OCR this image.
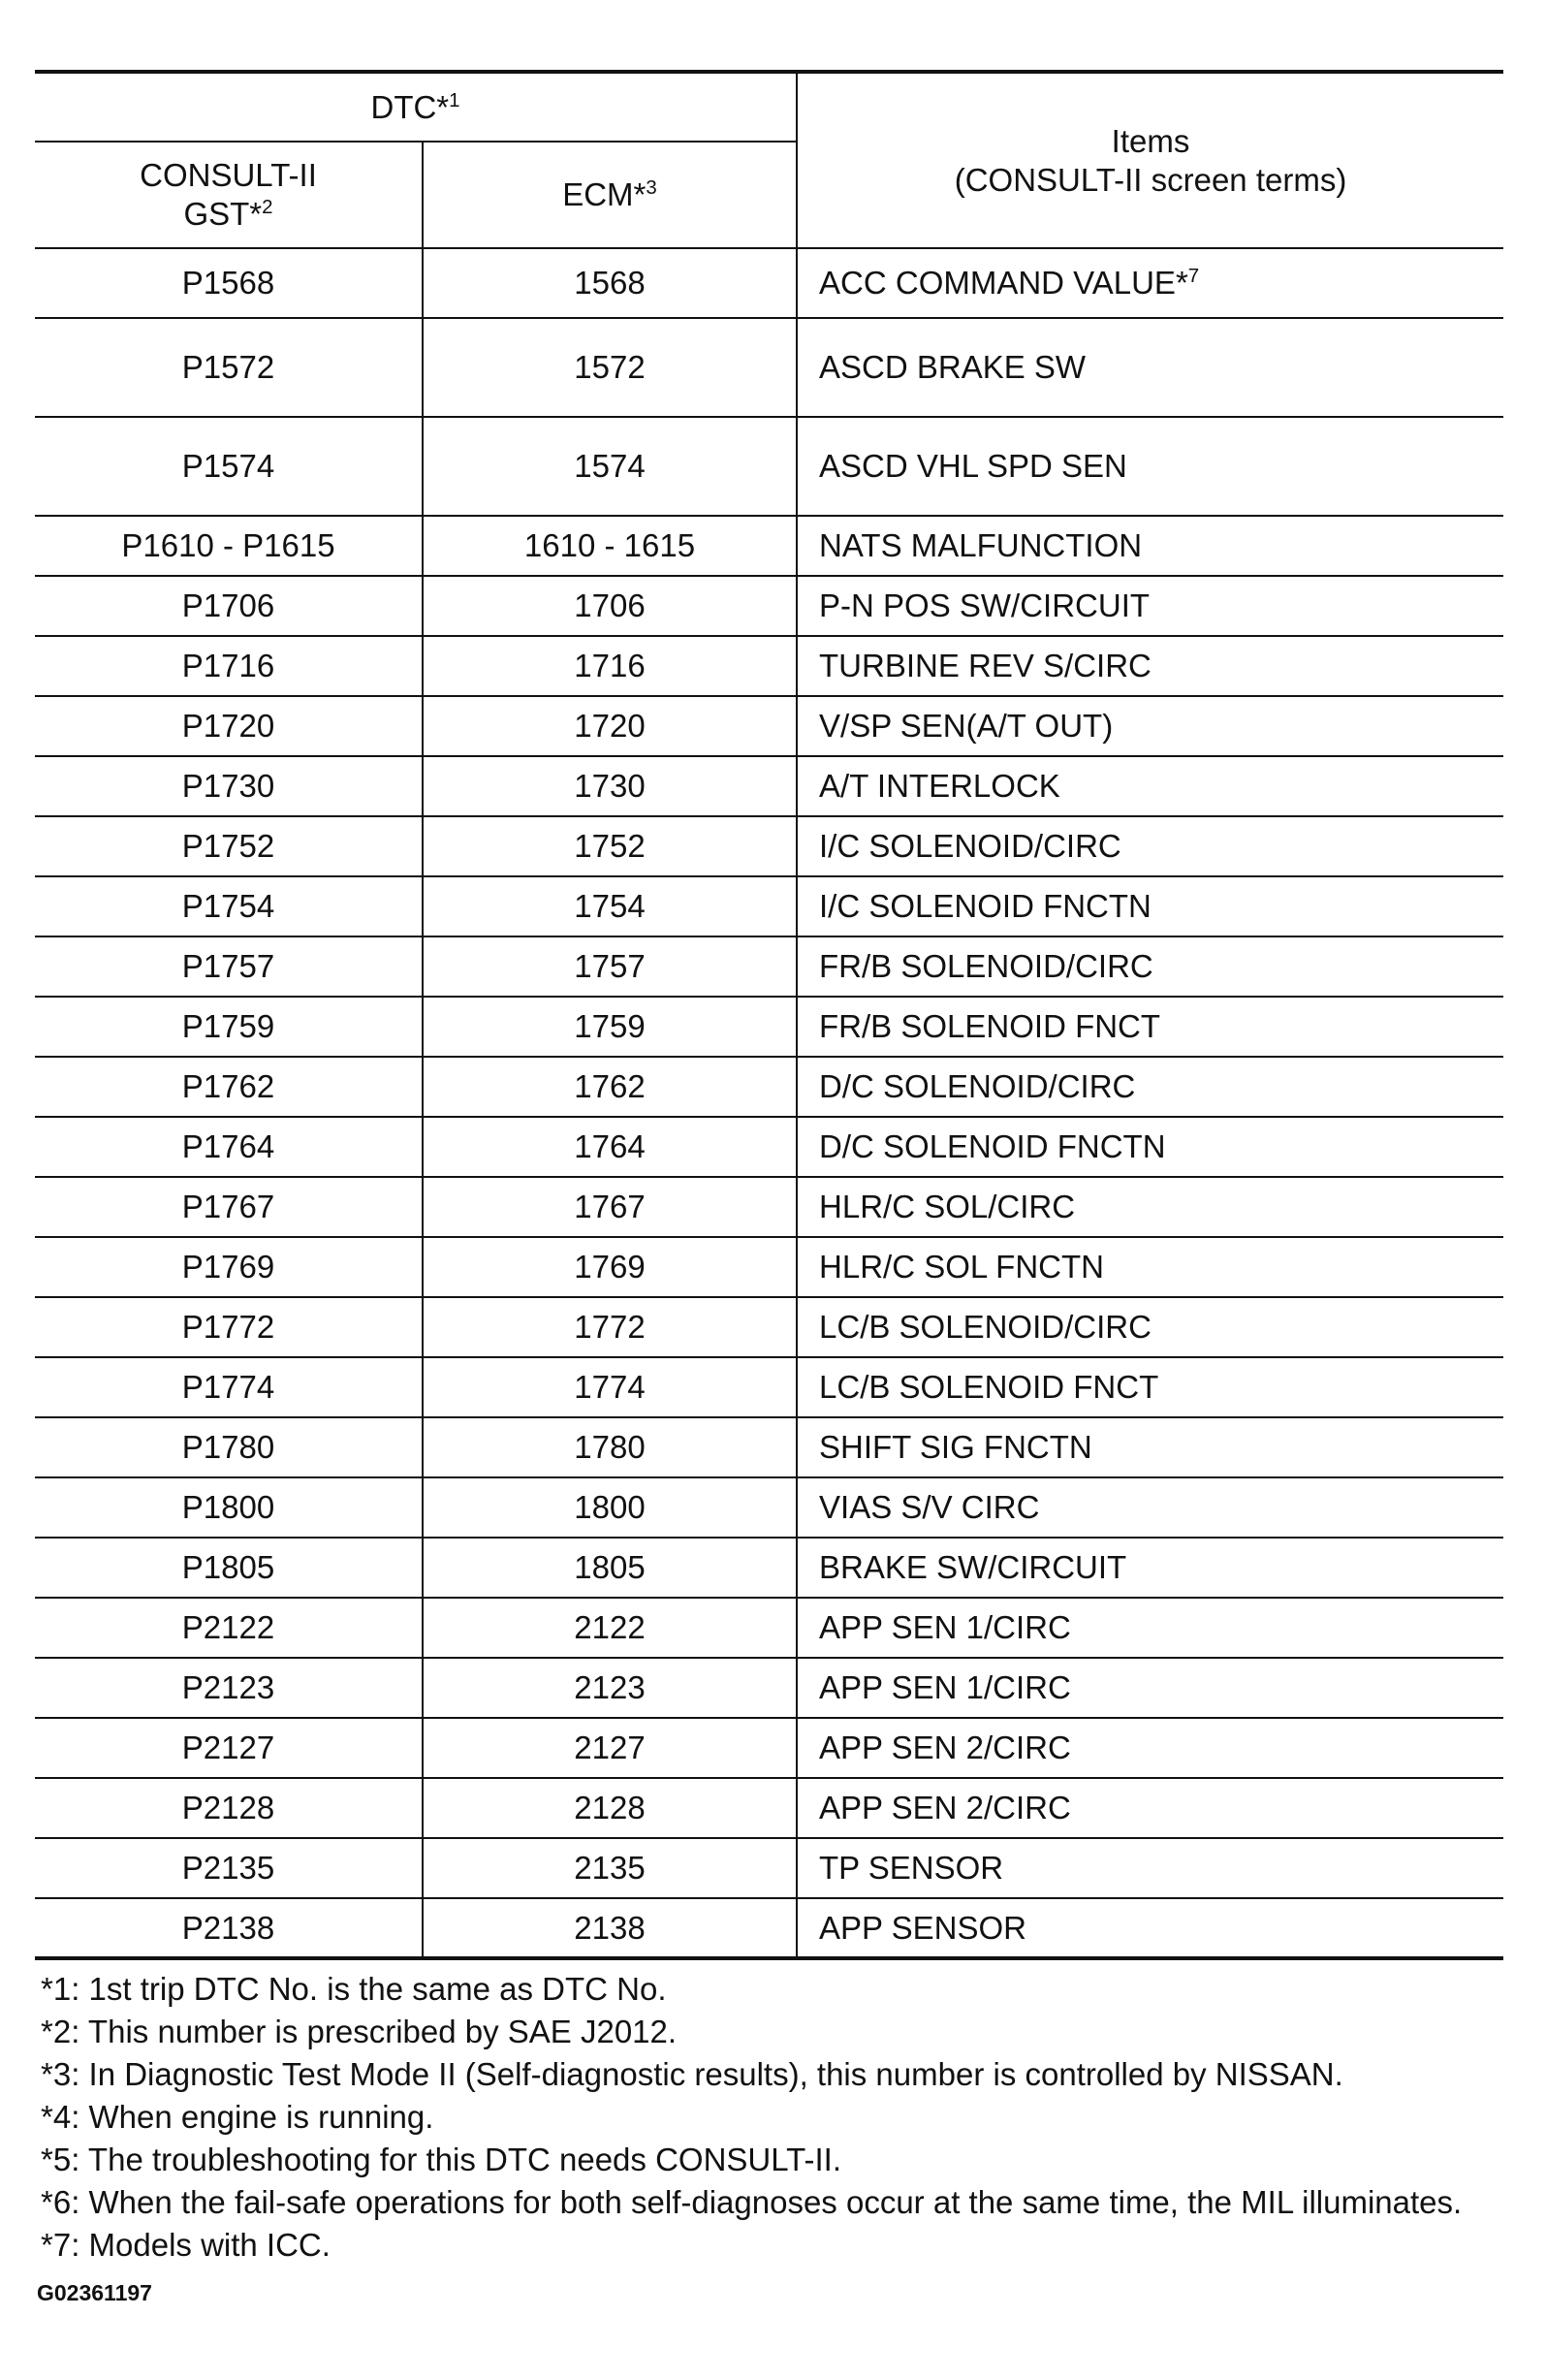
DTC*$^1$		Items
(CONSULT-II screen terms)

CONSULT-II
GST*$^2$	ECM*$^3$
P1568	1568	ACC COMMAND VALUE*$^7$
P1572	1572	ASCD BRAKE SW
P1574	1574	ASCD VHL SPD SEN
P1610 - P1615	1610 - 1615	NATS MALFUNCTION
P1706	1706	P-N POS SW/CIRCUIT
P1716	1716	TURBINE REV S/CIRC
P1720	1720	V/SP SEN(A/T OUT)
P1730	1730	A/T INTERLOCK
P1752	1752	I/C SOLENOID/CIRC
P1754	1754	I/C SOLENOID FNCTN
P1757	1757	FR/B SOLENOID/CIRC
P1759	1759	FR/B SOLENOID FNCT
P1762	1762	D/C SOLENOID/CIRC
P1764	1764	D/C SOLENOID FNCTN
P1767	1767	HLR/C SOL/CIRC
P1769	1769	HLR/C SOL FNCTN
P1772	1772	LC/B SOLENOID/CIRC
P1774	1774	LC/B SOLENOID FNCT
P1780	1780	SHIFT SIG FNCTN
P1800	1800	VIAS S/V CIRC
P1805	1805	BRAKE SW/CIRCUIT
P2122	2122	APP SEN 1/CIRC
P2123	2123	APP SEN 1/CIRC
P2127	2127	APP SEN 2/CIRC
P2128	2128	APP SEN 2/CIRC
P2135	2135	TP SENSOR
P2138	2138	APP SENSOR
*1: 1st trip DTC No. is the same as DTC No.
*2: This number is prescribed by SAE J2012.
*3: In Diagnostic Test Mode II (Self-diagnostic results), this number is controlled by NISSAN.
*4: When engine is running.
*5: The troubleshooting for this DTC needs CONSULT-II.
*6: When the fail-safe operations for both self-diagnoses occur at the same time, the MIL illuminates.
*7: Models with ICC.
G02361197
